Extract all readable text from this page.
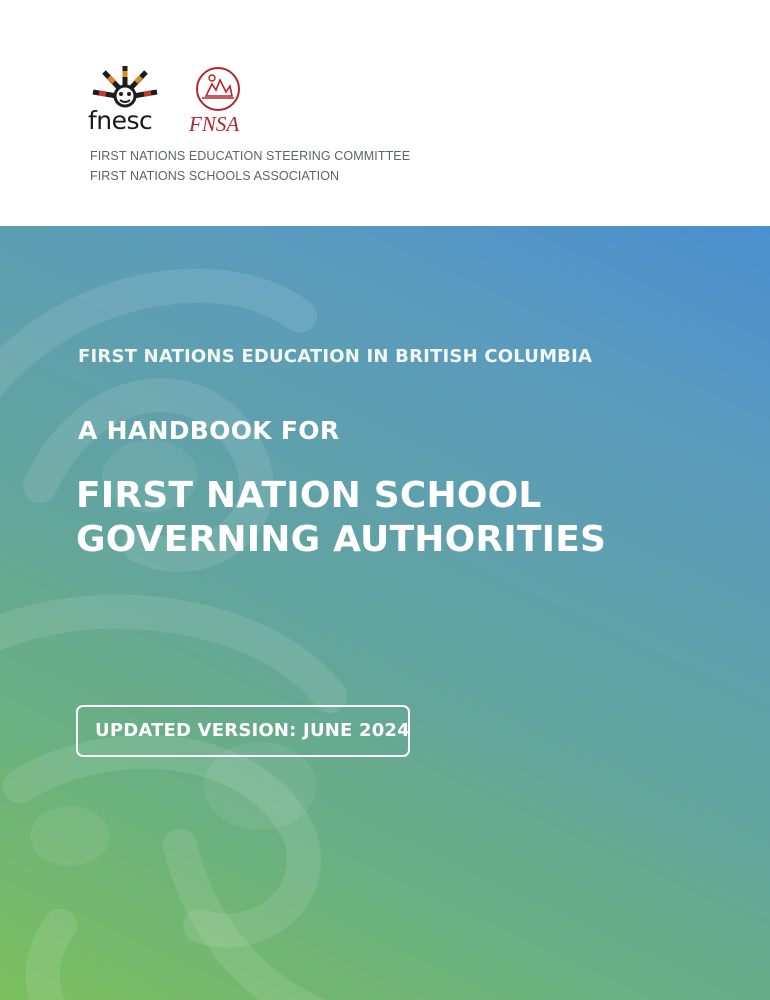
fnesc FNSA
FIRST NATIONS EDUCATION STEERING COMMITTEE
FIRST NATIONS SCHOOLS ASSOCIATION
FIRST NATIONS EDUCATION IN BRITISH COLUMBIA
A HANDBOOK FOR
FIRST NATION SCHOOL
GOVERNING AUTHORITIES
UPDATED VERSION: JUNE 2024
